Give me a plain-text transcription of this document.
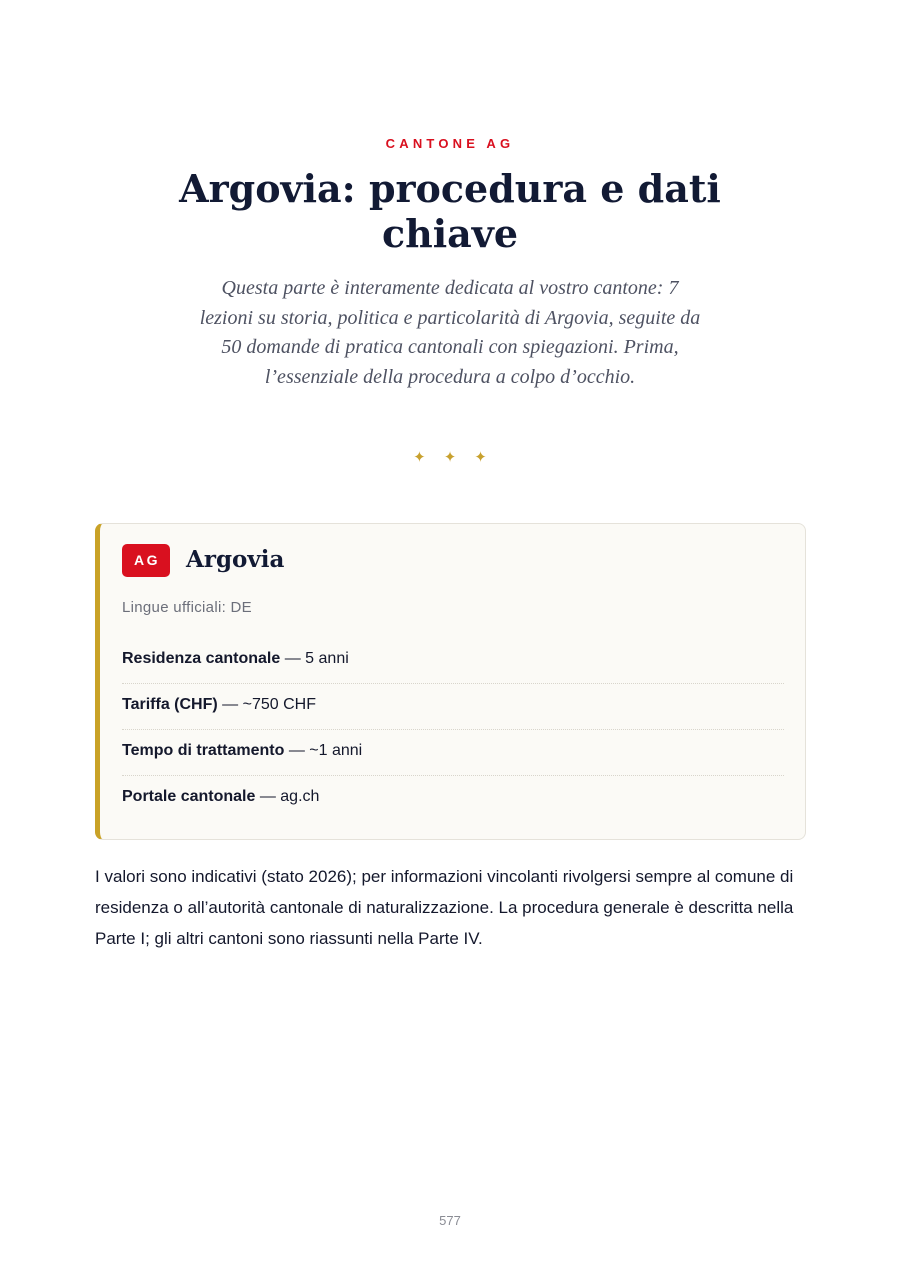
CANTONE AG
Argovia: procedura e dati chiave

Questa parte è interamente dedicata al vostro cantone: 7 lezioni su storia, politica e particolarità di Argovia, seguite da 50 domande di pratica cantonali con spiegazioni. Prima, l’essenziale della procedura a colpo d’occhio.

✦✦✦
AG	Argovia
Lingue ufficiali: DE
Residenza cantonale — 5 anni
Tariffa (CHF) — ~750 CHF
Tempo di trattamento — ~1 anni
Portale cantonale — ag.ch

I valori sono indicativi (stato 2026); per informazioni vincolanti rivolgersi sempre al comune di residenza o all’autorità cantonale di naturalizzazione. La procedura generale è descritta nella Parte I; gli altri cantoni sono riassunti nella Parte IV.

577
